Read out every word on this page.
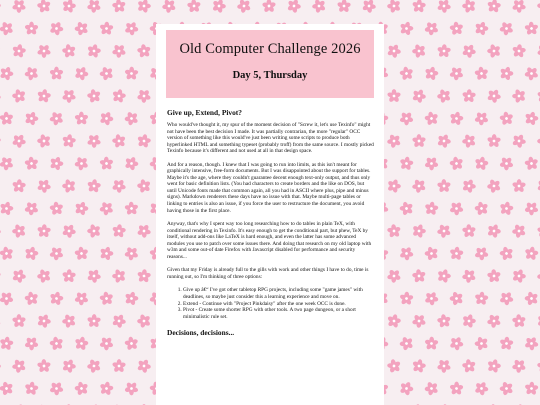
Old Computer Challenge 2026
Day 5, Thursday
Give up, Extend, Pivot?

Who would've thought it, my spur of the moment decision of "Screw it, let's use Texinfo" might not have been the best decision I made. It was partially contrarian, the more "regular" OCC version of something like this would've just been writing some scripts to produce both hyperlinked HTML and something typeset (probably troff) from the same source. I mostly picked Texinfo because it's different and not used at all in that design space.

And for a reason, though. I knew that I was going to run into limits, as this isn't meant for graphically intensive, free-form documents. But I was disappointed about the support for tables. Maybe it's the age, where they couldn't guarantee decent enough text-only output, and thus only went for basic definition lists. (You had characters to create borders and the like on DOS, but until Unicode fonts made that common again, all you had in ASCII where plus, pipe and minus signs). Markdown renderers these days have no issue with that. Maybe multi-page tables or linking to entries is also an issue, if you force the user to restructure the document, you avoid having those in the first place.

Anyway, that's why I spent way too long researching how to do tables in plain TeX, with conditional rendering in Texinfo. It's easy enough to get the conditional part, but phew, TeX by itself, without add-ons like LaTeX is hard enough, and even the latter has some advanced modules you use to patch over some issues there. And doing that research on my old laptop with w3m and some out-of date Firefox with Javascript disabled for performance and security reasons...

Given that my Friday is already full to the gills with work and other things I have to do, time is running out, so I'm thinking of three options:

1. Give up â€“ I've got other tabletop RPG projects, including some "game james" with deadlines, so maybe just consider this a learning experience and move on.
2. Extend - Continue with "Project Pinkdaisy" after the one week OCC is done.
3. Pivot - Create some shorter RPG with other tools. A two page dungeon, or a short minimalistic rule set.
Decisions, decisions...
